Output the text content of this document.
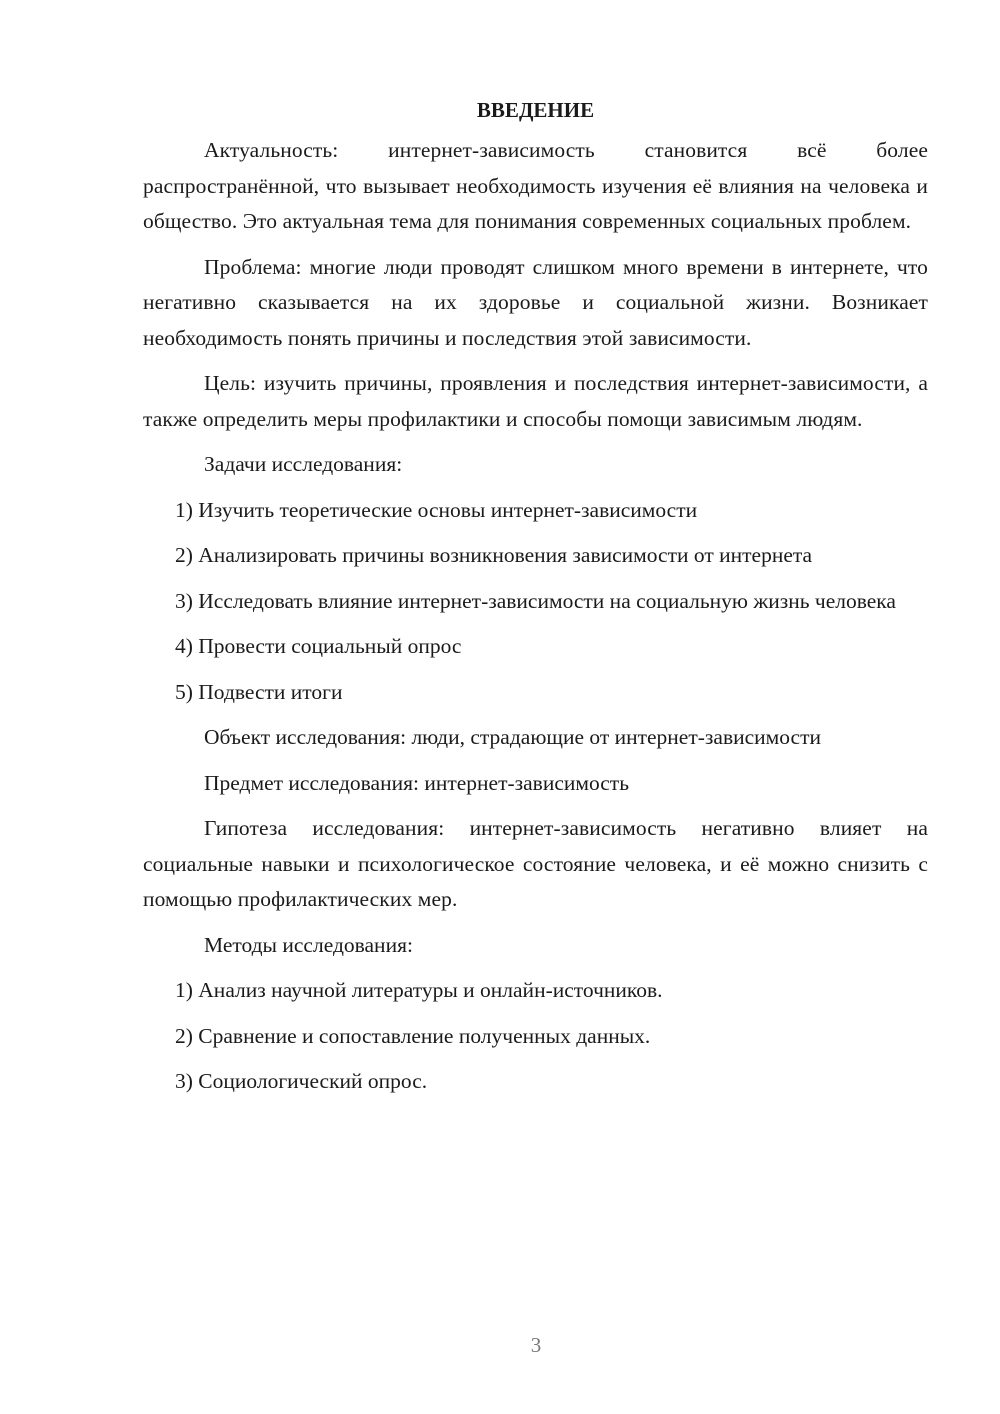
ВВЕДЕНИЕ

Актуальность: интернет-зависимость становится всё более распространённой, что вызывает необходимость изучения её влияния на человека и общество. Это актуальная тема для понимания современных социальных проблем.

Проблема: многие люди проводят слишком много времени в интернете, что негативно сказывается на их здоровье и социальной жизни. Возникает необходимость понять причины и последствия этой зависимости.

Цель: изучить причины, проявления и последствия интернет-зависимости, а также определить меры профилактики и способы помощи зависимым людям.

Задачи исследования:

1) Изучить теоретические основы интернет-зависимости

2) Анализировать причины возникновения зависимости от интернета

3) Исследовать влияние интернет-зависимости на социальную жизнь человека

4) Провести социальный опрос

5) Подвести итоги

Объект исследования: люди, страдающие от интернет-зависимости

Предмет исследования: интернет-зависимость

Гипотеза исследования: интернет-зависимость негативно влияет на социальные навыки и психологическое состояние человека, и её можно снизить с помощью профилактических мер.

Методы исследования:

1) Анализ научной литературы и онлайн-источников.

2) Сравнение и сопоставление полученных данных.

3) Социологический опрос.

3
